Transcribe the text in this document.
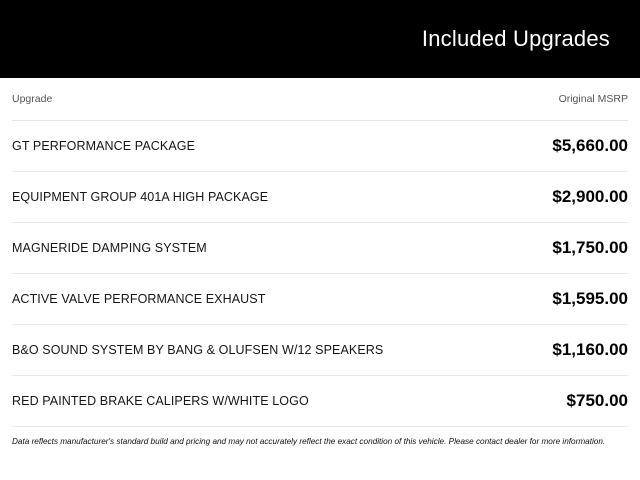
Included Upgrades
Upgrade	Original MSRP
GT PERFORMANCE PACKAGE	$5,660.00
EQUIPMENT GROUP 401A HIGH PACKAGE	$2,900.00
MAGNERIDE DAMPING SYSTEM	$1,750.00
ACTIVE VALVE PERFORMANCE EXHAUST	$1,595.00
B&O SOUND SYSTEM BY BANG & OLUFSEN W/12 SPEAKERS	$1,160.00
RED PAINTED BRAKE CALIPERS W/WHITE LOGO	$750.00
Data reflects manufacturer's standard build and pricing and may not accurately reflect the exact condition of this vehicle. Please contact dealer for more information.
